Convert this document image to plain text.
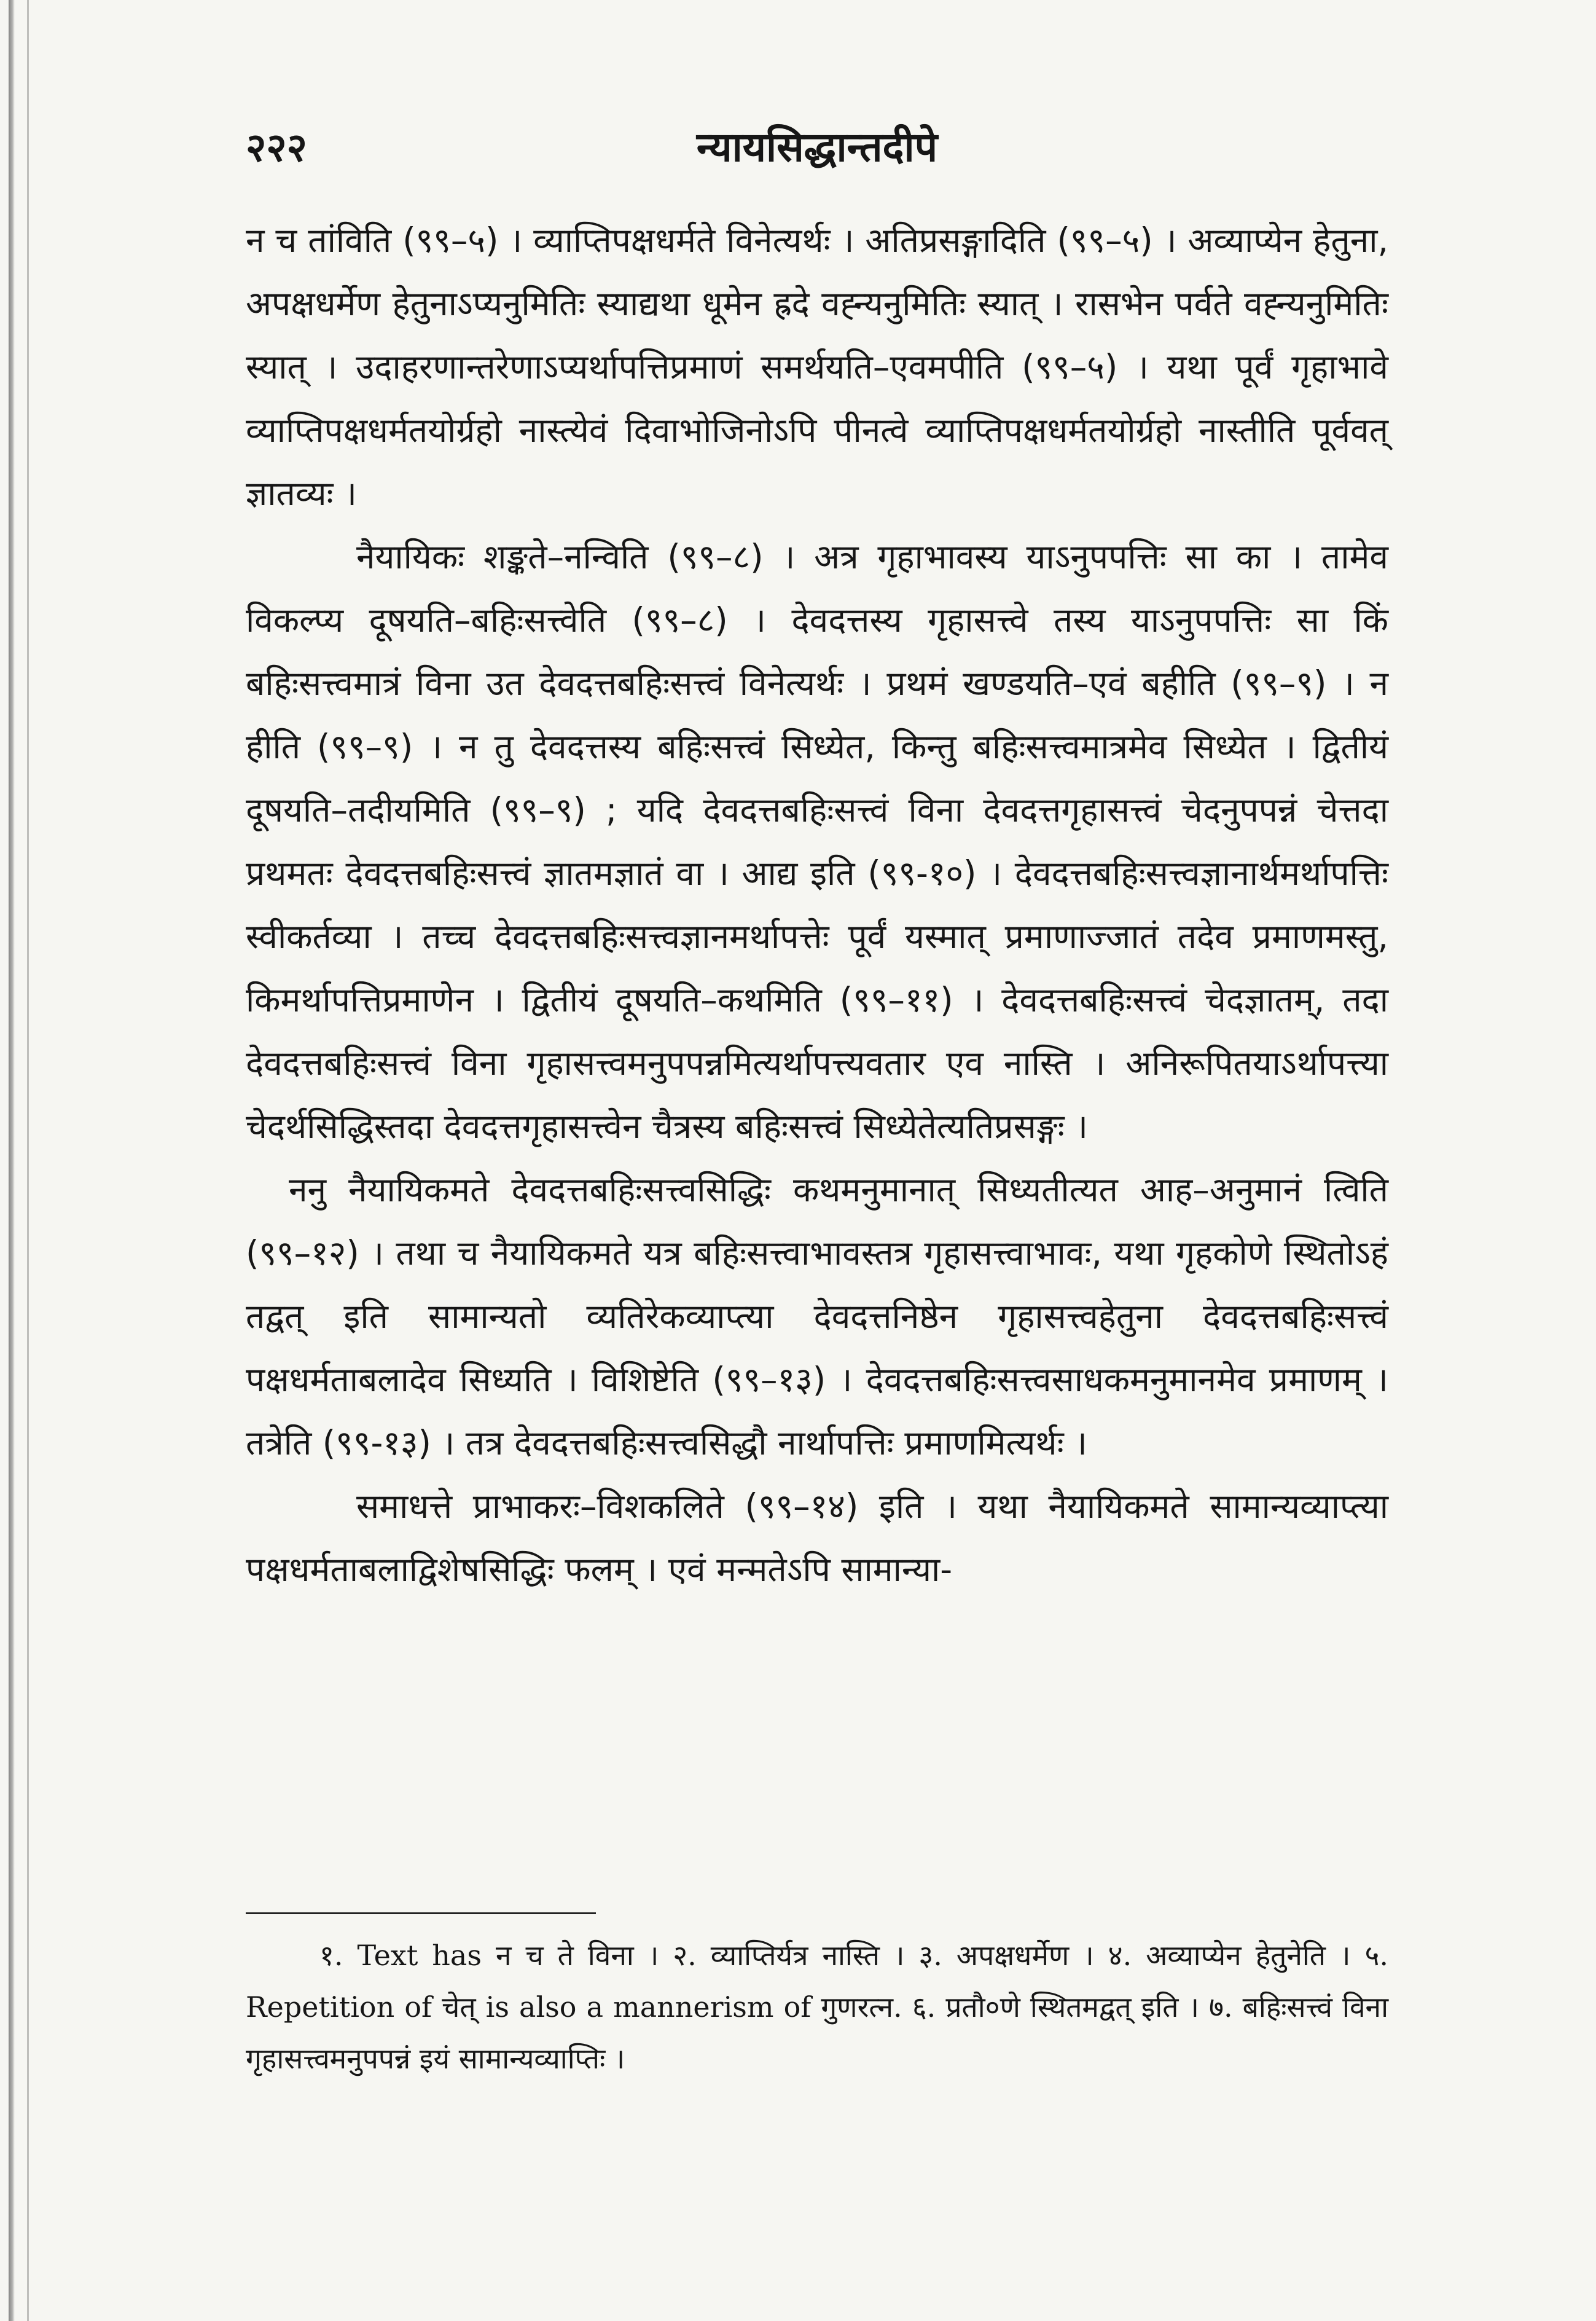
२२२	न्यायसिद्धान्तदीपे

न च तांविति (९९–५) । व्याप्तिपक्षधर्मते विनेत्यर्थः । अतिप्रसङ्गादिति (९९–५) । अव्याप्येन हेतुना, अपक्षधर्मेण हेतुनाऽप्यनुमितिः स्याद्यथा धूमेन ह्रदे वह्न्यनुमितिः स्यात् । रासभेन पर्वते वह्न्यनुमितिः स्यात् । उदाहरणान्तरेणाऽप्यर्थापत्तिप्रमाणं समर्थयति–एवमपीति (९९–५) । यथा पूर्वं गृहाभावे व्याप्तिपक्षधर्मतयोर्ग्रहो नास्त्येवं दिवाभोजिनोऽपि पीनत्वे व्याप्तिपक्षधर्मतयोर्ग्रहो नास्तीति पूर्ववत् ज्ञातव्यः ।

नैयायिकः शङ्कते–नन्विति (९९–८) । अत्र गृहाभावस्य याऽनुपपत्तिः सा का । तामेव विकल्प्य दूषयति–बहिःसत्त्वेति (९९–८) । देवदत्तस्य गृहासत्त्वे तस्य याऽनुपपत्तिः सा किं बहिःसत्त्वमात्रं विना उत देवदत्तबहिःसत्त्वं विनेत्यर्थः । प्रथमं खण्डयति–एवं बहीति (९९–९) । न हीति (९९–९) । न तु देवदत्तस्य बहिःसत्त्वं सिध्येत, किन्तु बहिःसत्त्वमात्रमेव सिध्येत । द्वितीयं दूषयति–तदीयमिति (९९–९) ; यदि देवदत्तबहिःसत्त्वं विना देवदत्तगृहासत्त्वं चेदनुपपन्नं चेत्तदा प्रथमतः देवदत्तबहिःसत्त्वं ज्ञातमज्ञातं वा । आद्य इति (९९-१०) । देवदत्तबहिःसत्त्वज्ञानार्थमर्थापत्तिः स्वीकर्तव्या । तच्च देवदत्तबहिःसत्त्वज्ञानमर्थापत्तेः पूर्वं यस्मात् प्रमाणाज्जातं तदेव प्रमाणमस्तु, किमर्थापत्तिप्रमाणेन । द्वितीयं दूषयति–कथमिति (९९–११) । देवदत्तबहिःसत्त्वं चेदज्ञातम्, तदा देवदत्तबहिःसत्त्वं विना गृहासत्त्वमनुपपन्नमित्यर्थापत्त्यवतार एव नास्ति । अनिरूपितयाऽर्थापत्त्या चेदर्थसिद्धिस्तदा देवदत्तगृहासत्त्वेन चैत्रस्य बहिःसत्त्वं सिध्येतेत्यतिप्रसङ्गः ।

ननु नैयायिकमते देवदत्तबहिःसत्त्वसिद्धिः कथमनुमानात् सिध्यतीत्यत आह–अनुमानं त्विति (९९–१२) । तथा च नैयायिकमते यत्र बहिःसत्त्वाभावस्तत्र गृहासत्त्वाभावः, यथा गृहकोणे स्थितोऽहं तद्वत् इति सामान्यतो व्यतिरेकव्याप्त्या देवदत्तनिष्ठेन गृहासत्त्वहेतुना देवदत्तबहिःसत्त्वं पक्षधर्मताबलादेव सिध्यति । विशिष्टेति (९९–१३) । देवदत्तबहिःसत्त्वसाधकमनुमानमेव प्रमाणम् । तत्रेति (९९-१३) । तत्र देवदत्तबहिःसत्त्वसिद्धौ नार्थापत्तिः प्रमाणमित्यर्थः ।

समाधत्ते प्राभाकरः–विशकलिते (९९–१४) इति । यथा नैयायिकमते सामान्यव्याप्त्या पक्षधर्मताबलाद्विशेषसिद्धिः फलम् । एवं मन्मतेऽपि सामान्या-

१. Text has न च ते विना । २. व्याप्तिर्यत्र नास्ति । ३. अपक्षधर्मेण । ४. अव्याप्येन हेतुनेति । ५. Repetition of चेत् is also a mannerism of गुणरत्न. ६. प्रतौ०णे स्थितमद्वत् इति । ७. बहिःसत्त्वं विना गृहासत्त्वमनुपपन्नं इयं सामान्यव्याप्तिः ।
